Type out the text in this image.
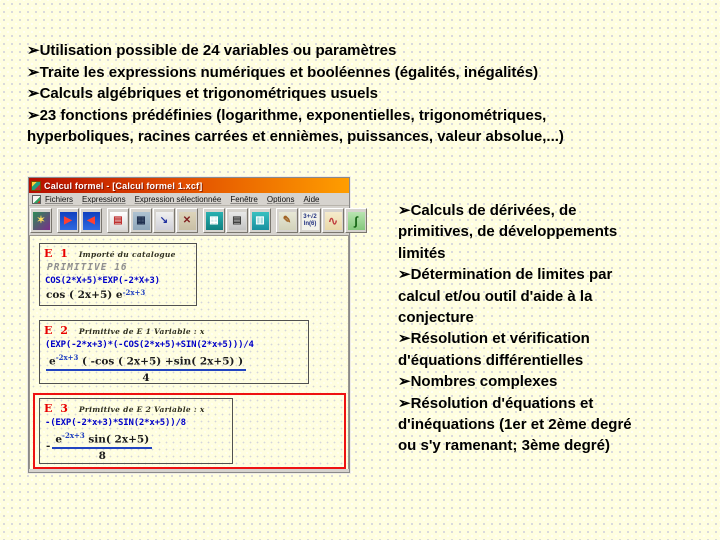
➢Utilisation possible de 24 variables ou paramètres
➢Traite les expressions numériques et booléennes (égalités, inégalités)
➢Calculs algébriques et trigonométriques usuels
➢23 fonctions prédéfinies (logarithme, exponentielles, trigonométriques,
hyperboliques, racines carrées et ennièmes, puissances, valeur absolue,...)
➢Calculs de dérivées, de
primitives, de développements
limités
➢Détermination de limites par
calcul et/ou outil d'aide à la
conjecture
➢Résolution et vérification
d'équations différentielles
➢Nombres complexes
➢Résolution d'équations et
d'inéquations (1er et 2ème degré
ou s'y ramenant; 3ème degré)
Calcul formel - [Calcul formel 1.xcf]
Fichiers Expressions Expression sélectionnée Fenêtre Options Aide
✶	▶	◀	▤	▦	↘	✕	▦	▤	▥	✎	3+√2
ln(6) ∿	∫
E 1 Importé du catalogue
PRIMITIVE 16
COS(2*X+5)*EXP(-2*X+3)
cos ( 2x+5) $e^{-2x+3}$
E 2 Primitive de E 1 Variable : x
(EXP(-2*x+3)*(-COS(2*x+5)+SIN(2*x+5)))/4
$\frac{e^{-2x+3} ( -\cos ( 2x+5) +\sin( 2x+5) )}{4}$
E 3 Primitive de E 2 Variable : x
-(EXP(-2*x+3)*SIN(2*x+5))/8
- $\frac{e^{-2x+3} \sin( 2x+5)}{8}$
